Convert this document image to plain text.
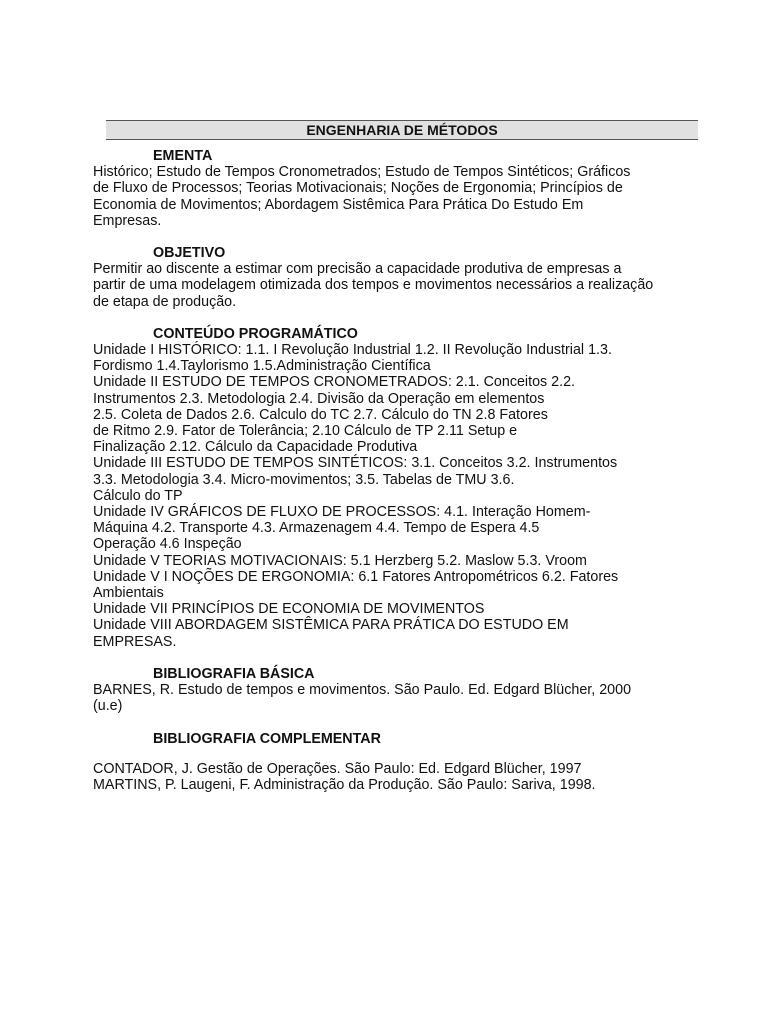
ENGENHARIA DE MÉTODOS
EMENTA
Histórico; Estudo de Tempos Cronometrados; Estudo de Tempos Sintéticos; Gráficos
de Fluxo de Processos; Teorias Motivacionais; Noções de Ergonomia; Princípios de
Economia de Movimentos; Abordagem Sistêmica Para Prática Do Estudo Em
Empresas.
OBJETIVO
Permitir ao discente a estimar com precisão a capacidade produtiva de empresas a
partir de uma modelagem otimizada dos tempos e movimentos necessários a realização
de etapa de produção.
CONTEÚDO PROGRAMÁTICO
Unidade I HISTÓRICO: 1.1. I Revolução Industrial 1.2. II Revolução Industrial 1.3.
Fordismo 1.4.Taylorismo 1.5.Administração Científica
Unidade II ESTUDO DE TEMPOS CRONOMETRADOS: 2.1. Conceitos 2.2.
Instrumentos 2.3. Metodologia 2.4. Divisão da Operação em elementos
2.5. Coleta de Dados 2.6. Calculo do TC 2.7. Cálculo do TN 2.8 Fatores
de Ritmo 2.9. Fator de Tolerância; 2.10 Cálculo de TP 2.11 Setup e
Finalização 2.12. Cálculo da Capacidade Produtiva
Unidade III ESTUDO DE TEMPOS SINTÉTICOS: 3.1. Conceitos 3.2. Instrumentos
3.3. Metodologia 3.4. Micro-movimentos; 3.5. Tabelas de TMU 3.6.
Cálculo do TP
Unidade IV GRÁFICOS DE FLUXO DE PROCESSOS: 4.1. Interação Homem-
Máquina 4.2. Transporte 4.3. Armazenagem 4.4. Tempo de Espera 4.5
Operação 4.6 Inspeção
Unidade V TEORIAS MOTIVACIONAIS: 5.1 Herzberg 5.2. Maslow 5.3. Vroom
Unidade V I NOÇÕES DE ERGONOMIA: 6.1 Fatores Antropométricos 6.2. Fatores
Ambientais
Unidade VII PRINCÍPIOS DE ECONOMIA DE MOVIMENTOS
Unidade VIII ABORDAGEM SISTÊMICA PARA PRÁTICA DO ESTUDO EM
EMPRESAS.
BIBLIOGRAFIA BÁSICA
BARNES, R. Estudo de tempos e movimentos. São Paulo. Ed. Edgard Blücher, 2000
(u.e)
BIBLIOGRAFIA COMPLEMENTAR
CONTADOR, J. Gestão de Operações. São Paulo: Ed. Edgard Blücher, 1997
MARTINS, P. Laugeni, F. Administração da Produção. São Paulo: Sariva, 1998.
